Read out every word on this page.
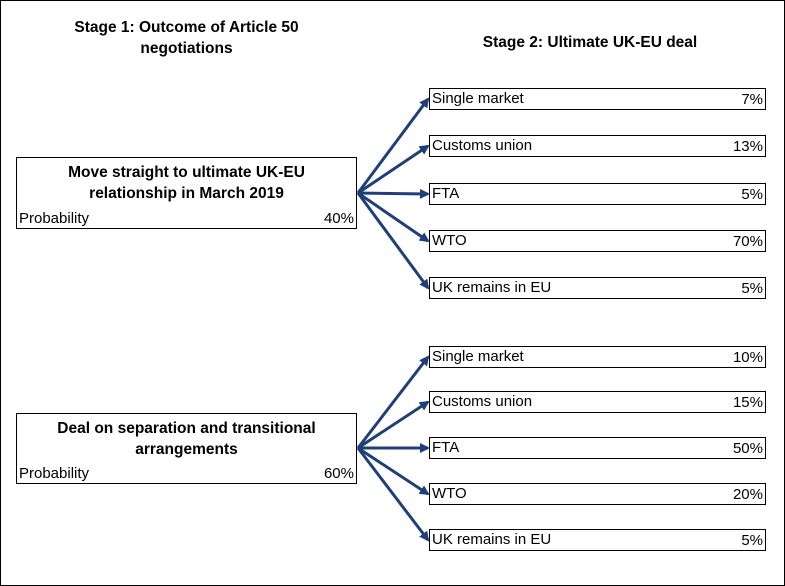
Stage 1: Outcome of Article 50
negotiations	Stage 2: Ultimate UK-EU deal
Move straight to ultimate UK-EU
relationship in March 2019
Probability	40%
Single market	7%
Customs union	13%
FTA	5%
WTO	70%
UK remains in EU	5%
Deal on separation and transitional
arrangements
Probability	60%
Single market	10%
Customs union	15%
FTA	50%
WTO	20%
UK remains in EU	5%
